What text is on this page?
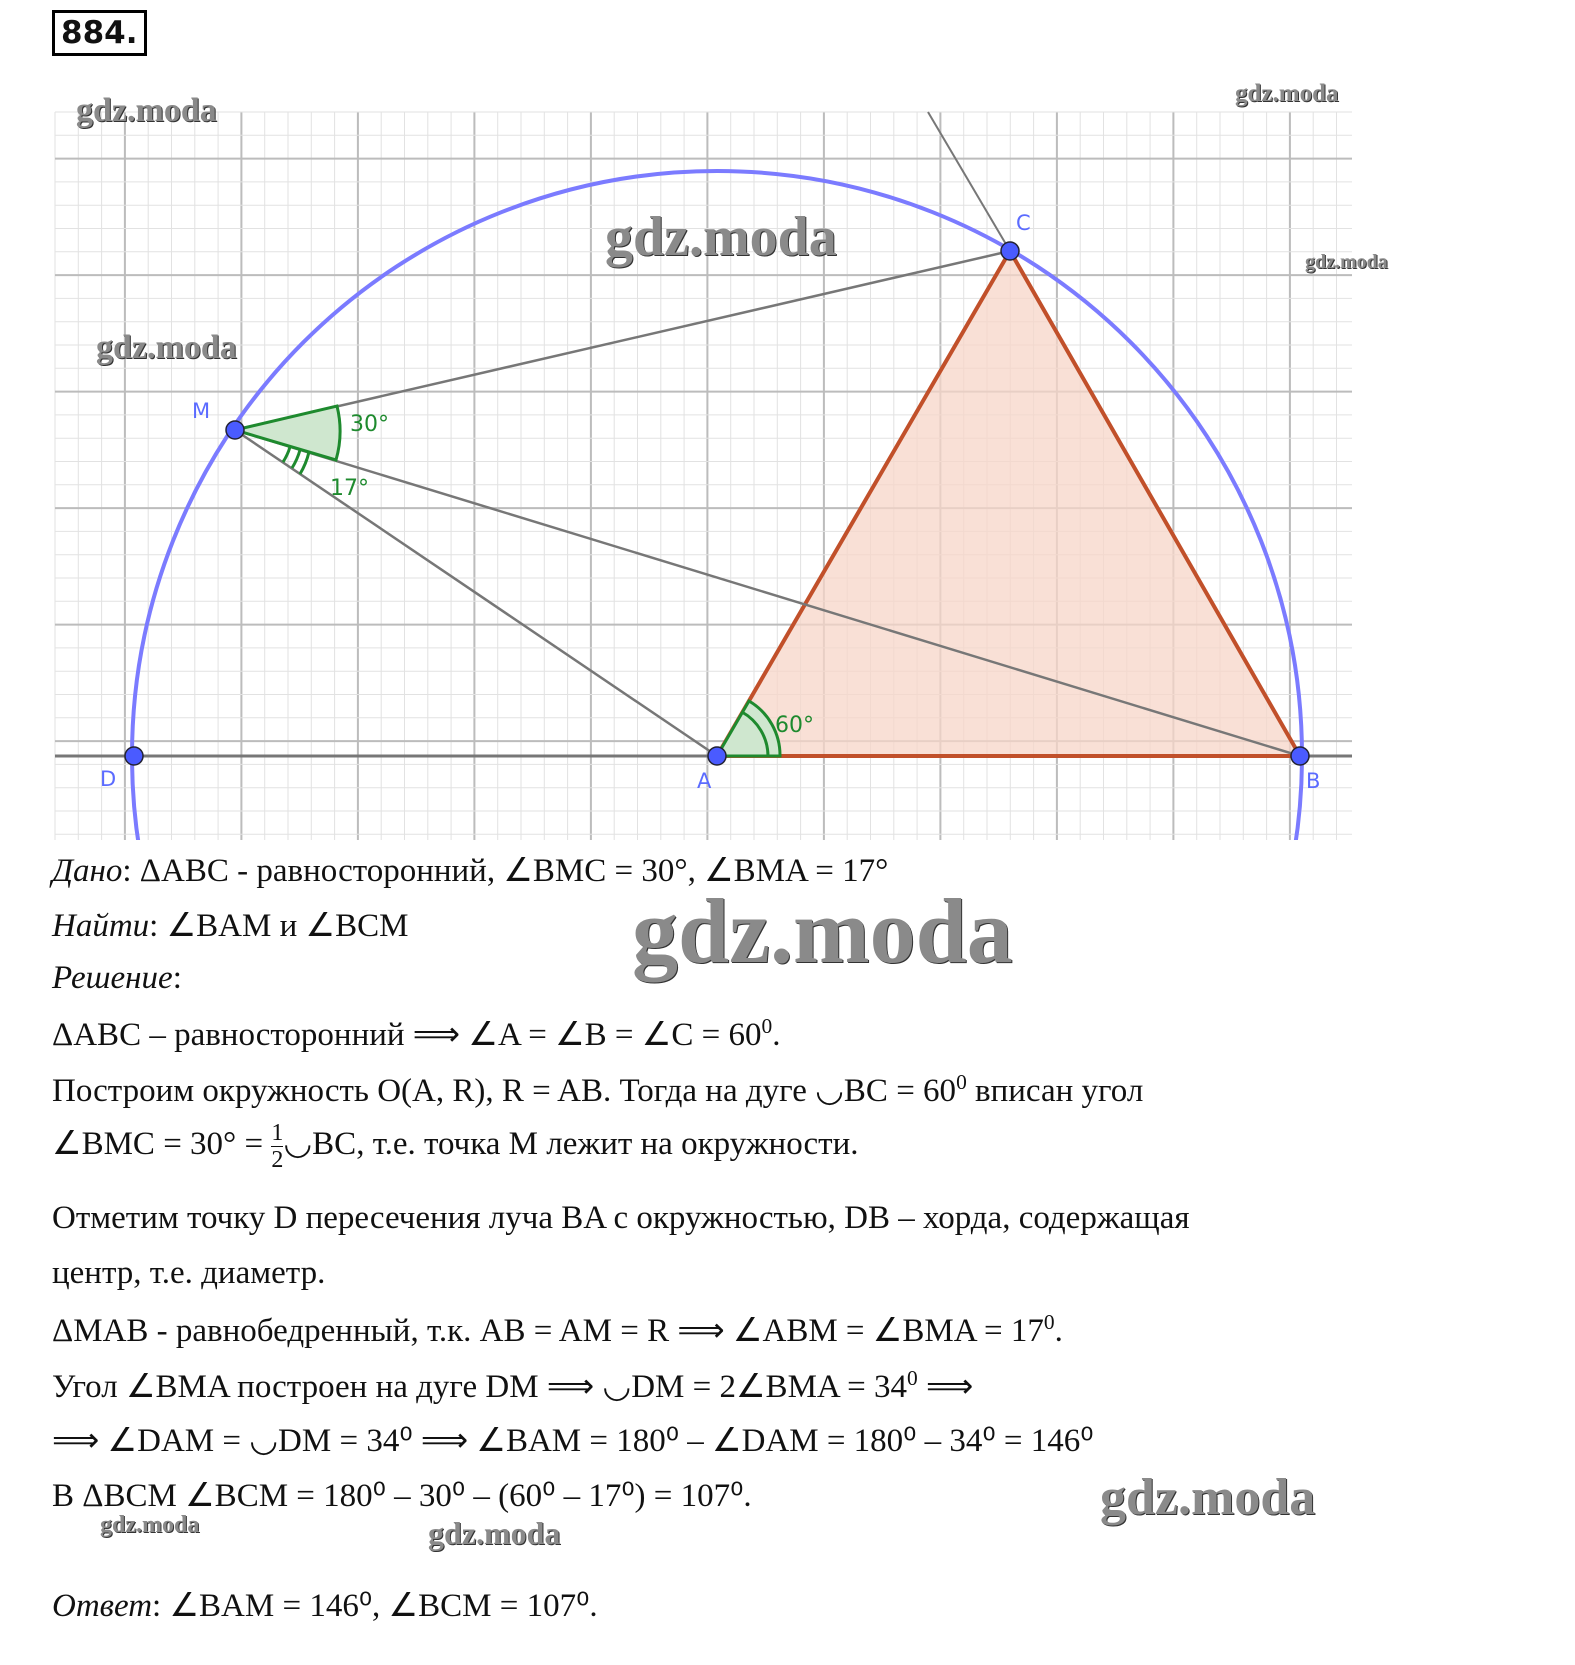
884.
C
M
D	A	B
30°
17°
60°
gdz.moda	gdz.moda
gdz.moda	gdz.moda
gdz.moda
gdz.moda
gdz.moda
gdz.moda
gdz.moda
Дано: ΔABC - равносторонний, ∠BMC = 30°, ∠BMA = 17°
Найти: ∠BAM и ∠BCM
Решение:
ΔABC – равносторонний ⟹ ∠A = ∠B = ∠C = $60^0$.
Построим окружность O(A, R), R = AB. Тогда на дуге ◡BC = $60^0$ вписан угол
∠BMC = $30^\circ = \frac{1}{2}$ ◡BC, т.е. точка M лежит на окружности.
Отметим точку D пересечения луча BA с окружностью, DB – хорда, содержащая
центр, т.е. диаметр.
ΔMAB - равнобедренный, т.к. AB = AM = R ⟹ ∠ABM = ∠BMA = $17^0$.
Угол ∠BMA построен на дуге DM ⟹ ◡DM = 2∠BMA = $34^0$ ⟹
⟹ ∠DAM = ◡DM = 34⁰ ⟹ ∠BAM = 180⁰ – ∠DAM = 180⁰ – 34⁰ = 146⁰
В ΔBCM ∠BCM = 180⁰ – 30⁰ – (60⁰ – 17⁰) = 107⁰.
Ответ: ∠BAM = 146⁰, ∠BCM = 107⁰.
